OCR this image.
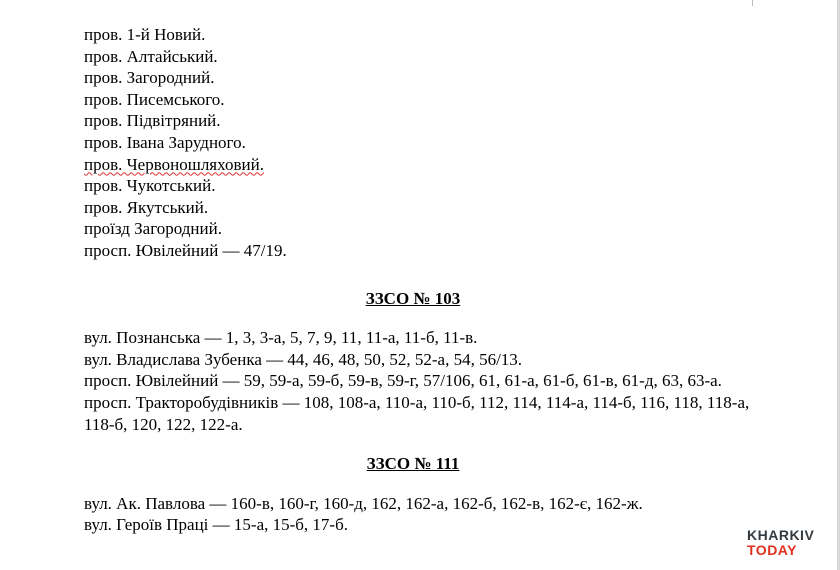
пров. 1-й Новий.
пров. Алтайський.
пров. Загородний.
пров. Писемського.
пров. Підвітряний.
пров. Івана Зарудного.
пров. Червоношляховий.
пров. Чукотський.
пров. Якутський.
проїзд Загородний.
просп. Ювілейний — 47/19.
ЗЗСО № 103
вул. Познанська — 1, 3, 3-а, 5, 7, 9, 11, 11-а, 11-б, 11-в.
вул. Владислава Зубенка — 44, 46, 48, 50, 52, 52-а, 54, 56/13.
просп. Ювілейний — 59, 59-а, 59-б, 59-в, 59-г, 57/106, 61, 61-а, 61-б, 61-в, 61-д, 63, 63-а.
просп. Тракторобудівників — 108, 108-а, 110-а, 110-б, 112, 114, 114-а, 114-б, 116, 118, 118-а, 118-б, 120, 122, 122-а.
ЗЗСО № 111
вул. Ак. Павлова — 160-в, 160-г, 160-д, 162, 162-а, 162-б, 162-в, 162-є, 162-ж.
вул. Героїв Праці — 15-а, 15-б, 17-б.
KHARKIV
TODAY
